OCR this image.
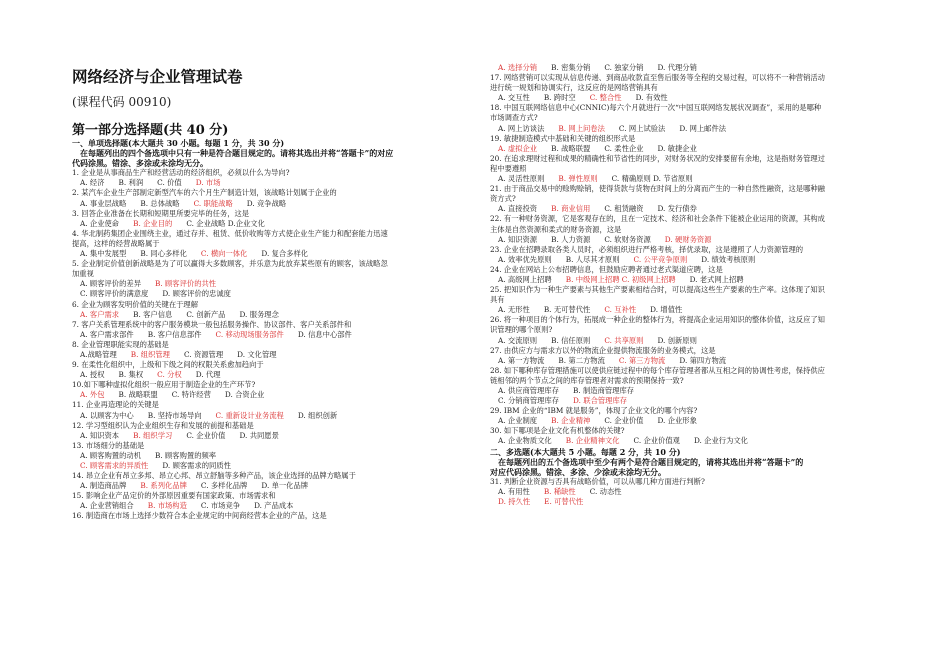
网络经济与企业管理试卷
(课程代码 00910)
第一部分选择题(共 40 分)
一、单项选择题(本大题共 30 小题。每题 1 分，共 30 分)
在每题列出的四个备选项中只有一种是符合题目规定的。请将其选出并将“答题卡”的对应
代码涂黑。错涂、多涂或未涂均无分。
1. 企业是从事商品生产和经营活动的经济组织，必须以什么为导向?
A. 经济 B. 利润 C. 价值 D. 市场
2. 某汽车企业生产部制定新型汽车的六个月生产制造计划，该战略计划属于企业的
A. 事业层战略 B. 总体战略 C. 职能战略 D. 竞争战略
3. 回答企业准备在长期和短期里所要完毕的任务，这是
A. 企业使命 B. 企业目的 C. 企业战略 D.企业文化
4. 华北制药集团企业围绕主业，通过存并、租赁、低价收购等方式使企业生产能力和配套能力迅速
提高，这样的经营战略属于
A. 集中发展型 B. 同心多样化 C. 横向一体化 D. 复合多样化
5. 企业制定价值创新战略是为了可以赢得大多数顾客，并乐意为此放弃某些原有的顾客，该战略忽
加重视
A. 顾客评价的差异 B. 顾客评价的共性
C. 顾客评价的满意度 D. 顾客评价的忠诚度
6. 企业为顾客发明价值的关键在于理解
A. 客户需求 B. 客户信息 C. 创新产品 D. 服务理念
7. 客户关系管理系统中的客户服务模块一般包括服务操作、协议部件、客户关系部件和
A. 客户需求部件 B. 客户信息部件 C. 移动现场服务部件 D. 信息中心部件
8. 企业管理职能实现的基础是
A.战略管理 B. 组织管理 C. 资源管理 D. 文化管理
9. 在柔性化组织中，上级和下级之间的权限关系愈加趋向于
A. 授权 B. 集权 C. 分权 D. 代理
10.如下哪种虚拟化组织一般应用于制造企业的生产环节?
A. 外包 B. 战略联盟 C. 特许经营 D. 合资企业
11. 企业再造理论的关键是
A. 以顾客为中心 B. 坚持市场导向 C. 重新设计业务流程 D. 组织创新
12. 学习型组织认为企业组织生存和发展的前提和基础是
A. 知识资本 B. 组织学习 C. 企业价值 D. 共同愿景
13. 市场细分的基础是
A. 顾客购置的动机 B. 顾客购置的频率
C. 顾客需求的异质性 D. 顾客需求的同质性
14. 昂立企业有昂立多邦、昂立心邦、昂立舒脑等多种产品，该企业选择的品牌方略属于
A. 制造商品牌 B. 系列化品牌 C. 多样化品牌 D. 单一化品牌
15. 影响企业产品定价的外部原因重要有国家政策、市场需求和
A. 企业营销组合 B. 市场构造 C. 市场竞争 D. 产品成本
16. 制造商在市场上选择少数符合本企业规定的中间商经营本企业的产品，这是
A. 选择分销 B. 密集分销 C. 独家分销 D. 代理分销
17. 网络营销可以实现从信息传递、到商品收款直至售后服务等全程的交易过程，可以将不一种营销活动
进行统一规划和协调实行，这反应的是网络营销具有
A. 交互性 B. 跨时空 C. 整合性 D. 有效性
18. 中国互联网络信息中心(CNNIC)每六个月就进行一次“中国互联网络发展状况调查”，采用的是哪种
市场调查方式?
A. 网上访谈法 B. 网上问卷法 C. 网上试验法 D. 网上邮件法
19. 敏捷制造模式中基础和关键的组织形式是
A. 虚拟企业 B. 战略联盟 C. 柔性企业 D. 敏捷企业
20. 在追求理财过程和成果的精确性和节省性的同步，对财务状况的安排要留有余地，这是指财务管理过
程中要遵照
A. 灵活性原则 B. 弹性原则 C. 精确原则 D. 节省原则
21. 由于商品交易中的赊购赊销，使得货款与货物在时间上的分离而产生的一种自然性融资，这是哪种融
资方式?
A. 直接投资 B. 商业信用 C. 租赁融资 D. 发行债券
22. 有一种财务资源，它是客观存在的，且在一定技术、经济和社会条件下能被企业运用的资源，其构成
主体是自然资源和柔式的财务资源，这是
A. 知识资源 B. 人力资源 C. 软财务资源 D. 硬财务资源
23. 企业在招聘录取各类人员时，必须组织进行严格考核，择优录取，这是遵照了人力资源管理的
A. 效率优先原则 B. 人尽其才原则 C. 公平竞争原则 D. 绩效考核原则
24. 企业在网站上公布招聘信息，但鼓励应聘者通过老式渠道应聘，这是
A. 高级网上招聘 B. 中级网上招聘 C. 初级网上招聘 D. 老式网上招聘
25. 把知识作为一种生产要素与其他生产要素相结合时，可以提高这些生产要素的生产率。这体现了知识
具有
A. 无形性 B. 无可替代性 C. 互补性 D. 增值性
26. 将一种项目的个体行为，拓展成一种企业的整体行为，将提高企业运用知识的整体价值，这反应了知
识管理的哪个原则?
A. 交流原则 B. 信任原则 C. 共享原则 D. 创新原则
27. 由供应方与需求方以外的物流企业提供物流服务的业务模式，这是
A. 第一方物流 B. 第二方物流 C. 第三方物流 D. 第四方物流
28. 如下哪种库存管理措施可以使供应链过程中的每个库存管理者都从互相之间的协调性考虑，保持供应
链相邻的两个节点之间的库存管理者对需求的预期保持一致?
A. 供应商管理库存 B. 制造商管理库存
C. 分销商管理库存 D. 联合管理库存
29. IBM 企业的“IBM 就是服务”，体现了企业文化的哪个内容?
A. 企业制度 B. 企业精神 C. 企业价值 D. 企业形象
30. 如下哪项是企业文化有机整体的关键?
A. 企业物质文化 B. 企业精神文化 C. 企业价值观 D. 企业行为文化
二、多选题(本大题共 5 小题。每题 2 分，共 10 分)
在每题列出的五个备选项中至少有两个是符合题目规定的，请将其选出并将“答题卡”的
对应代码涂黑。错涂、多涂、少涂或未涂均无分。
31. 判断企业资源与否具有战略价值，可以从哪几种方面进行判断?
A. 有用性 B. 稀缺性 C. 动态性
D. 持久性 E. 可替代性
